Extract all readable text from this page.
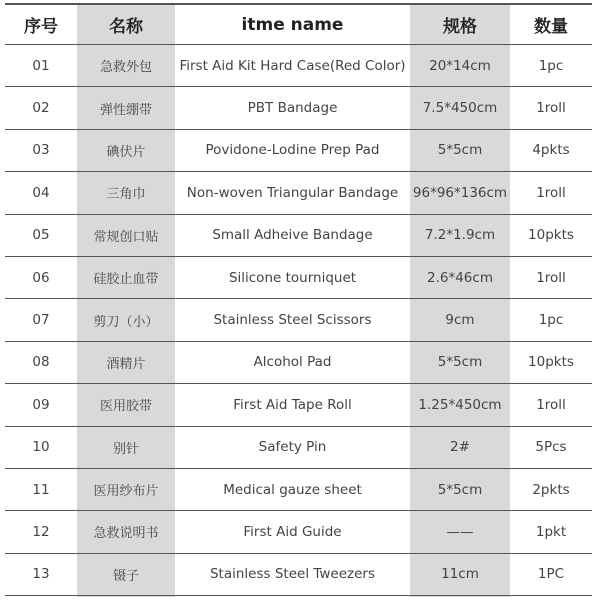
序号	名称	itme name	规格	数量
01	急救外包	First Aid Kit Hard Case(Red Color)	20*14cm	1pc
02	弹性绷带	PBT Bandage	7.5*450cm	1roll
03	碘伏片	Povidone-Lodine Prep Pad	5*5cm	4pkts
04	三角巾	Non-woven Triangular Bandage	96*96*136cm	1roll
05	常规创口贴	Small Adheive Bandage	7.2*1.9cm	10pkts
06	硅胶止血带	Silicone tourniquet	2.6*46cm	1roll
07	剪刀（小）	Stainless Steel Scissors	9cm	1pc
08	酒精片	Alcohol Pad	5*5cm	10pkts
09	医用胶带	First Aid Tape Roll	1.25*450cm	1roll
10	别针	Safety Pin	2#	5Pcs
11	医用纱布片	Medical gauze sheet	5*5cm	2pkts
12	急救说明书	First Aid Guide	——	1pkt
13	镊子	Stainless Steel Tweezers	11cm	1PC
